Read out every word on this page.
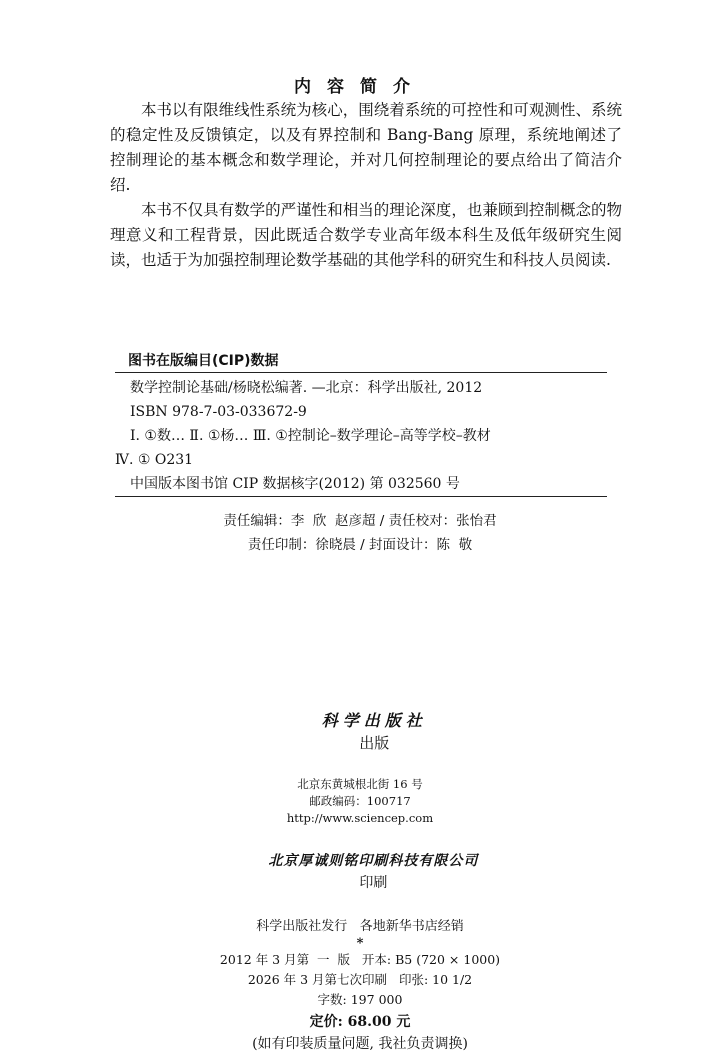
内容简介

本书以有限维线性系统为核心，围绕着系统的可控性和可观测性、系统的稳定性及反馈镇定，以及有界控制和 Bang-Bang 原理，系统地阐述了控制理论的基本概念和数学理论，并对几何控制理论的要点给出了简洁介绍.

本书不仅具有数学的严谨性和相当的理论深度，也兼顾到控制概念的物理意义和工程背景，因此既适合数学专业高年级本科生及低年级研究生阅读，也适于为加强控制理论数学基础的其他学科的研究生和科技人员阅读.

图书在版编目(CIP)数据
数学控制论基础/杨晓松编著. —北京：科学出版社, 2012
ISBN 978-7-03-033672-9
Ⅰ. ①数… Ⅱ. ①杨… Ⅲ. ①控制论–数学理论–高等学校–教材
Ⅳ. ① O231
中国版本图书馆 CIP 数据核字(2012) 第 032560 号
责任编辑：李  欣  赵彦超 / 责任校对：张怡君
责任印制：徐晓晨 / 封面设计：陈  敬

科学出版社
出版

北京东黄城根北街 16 号
邮政编码：100717
http://www.sciencep.com

北京厚诚则铭印刷科技有限公司
印刷

科学出版社发行   各地新华书店经销
*
2012 年 3 月第  一  版   开本: B5 (720 × 1000)
2026 年 3 月第七次印刷   印张: 10 1/2
字数: 197 000
定价: 68.00 元
(如有印装质量问题, 我社负责调换)
